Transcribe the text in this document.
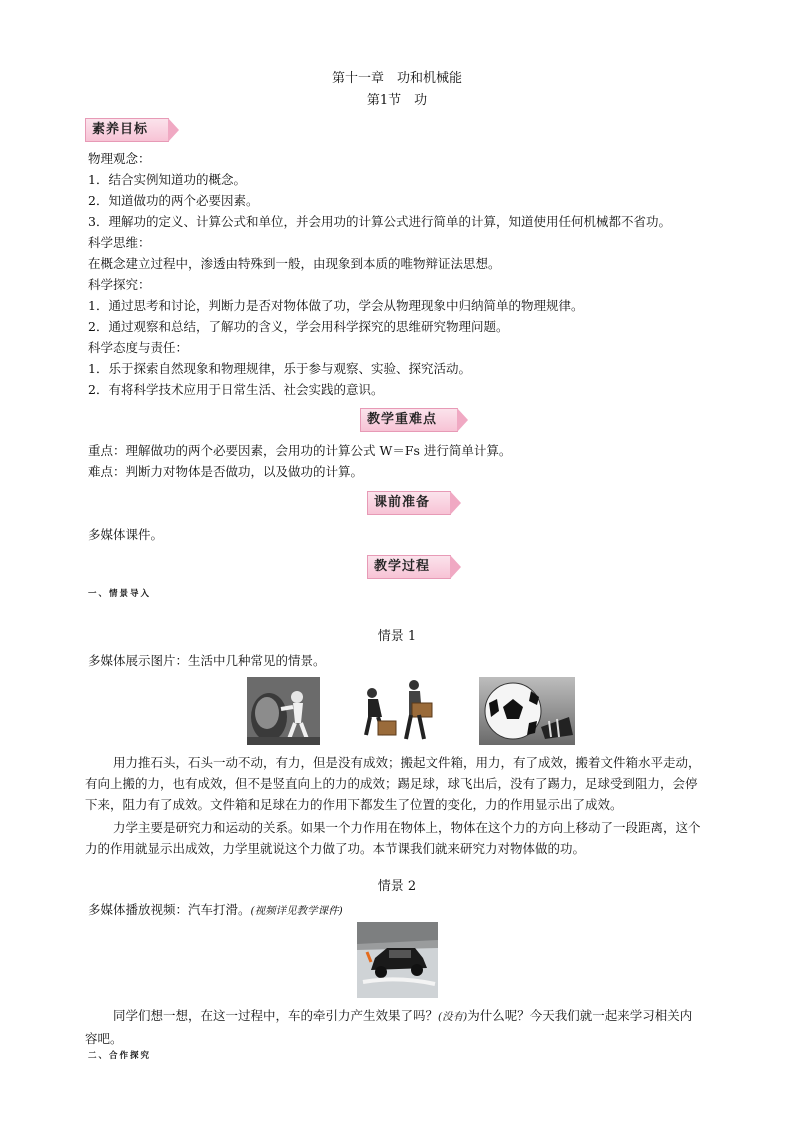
第十一章　功和机械能
第1节　功
素养目标
物理观念：
1．结合实例知道功的概念。
2．知道做功的两个必要因素。
3．理解功的定义、计算公式和单位，并会用功的计算公式进行简单的计算，知道使用任何机械都不省功。
科学思维：
在概念建立过程中，渗透由特殊到一般，由现象到本质的唯物辩证法思想。
科学探究：
1．通过思考和讨论，判断力是否对物体做了功，学会从物理现象中归纳简单的物理规律。
2．通过观察和总结，了解功的含义，学会用科学探究的思维研究物理问题。
科学态度与责任：
1．乐于探索自然现象和物理规律，乐于参与观察、实验、探究活动。
2．有将科学技术应用于日常生活、社会实践的意识。
教学重难点
重点：理解做功的两个必要因素，会用功的计算公式 W＝Fs 进行简单计算。
难点：判断力对物体是否做功，以及做功的计算。
课前准备
多媒体课件。
教学过程
一、情景导入
情景 1
多媒体展示图片：生活中几种常见的情景。
用力推石头，石头一动不动，有力，但是没有成效；搬起文件箱，用力，有了成效，搬着文件箱水平走动，
有向上搬的力，也有成效，但不是竖直向上的力的成效；踢足球，球飞出后，没有了踢力，足球受到阻力，会停
下来，阻力有了成效。文件箱和足球在力的作用下都发生了位置的变化，力的作用显示出了成效。
力学主要是研究力和运动的关系。如果一个力作用在物体上，物体在这个力的方向上移动了一段距离，这个
力的作用就显示出成效，力学里就说这个力做了功。本节课我们就来研究力对物体做的功。
情景 2
多媒体播放视频：汽车打滑。(视频详见教学课件)
同学们想一想，在这一过程中，车的牵引力产生效果了吗？(没有)为什么呢？今天我们就一起来学习相关内
容吧。
二、合作探究
